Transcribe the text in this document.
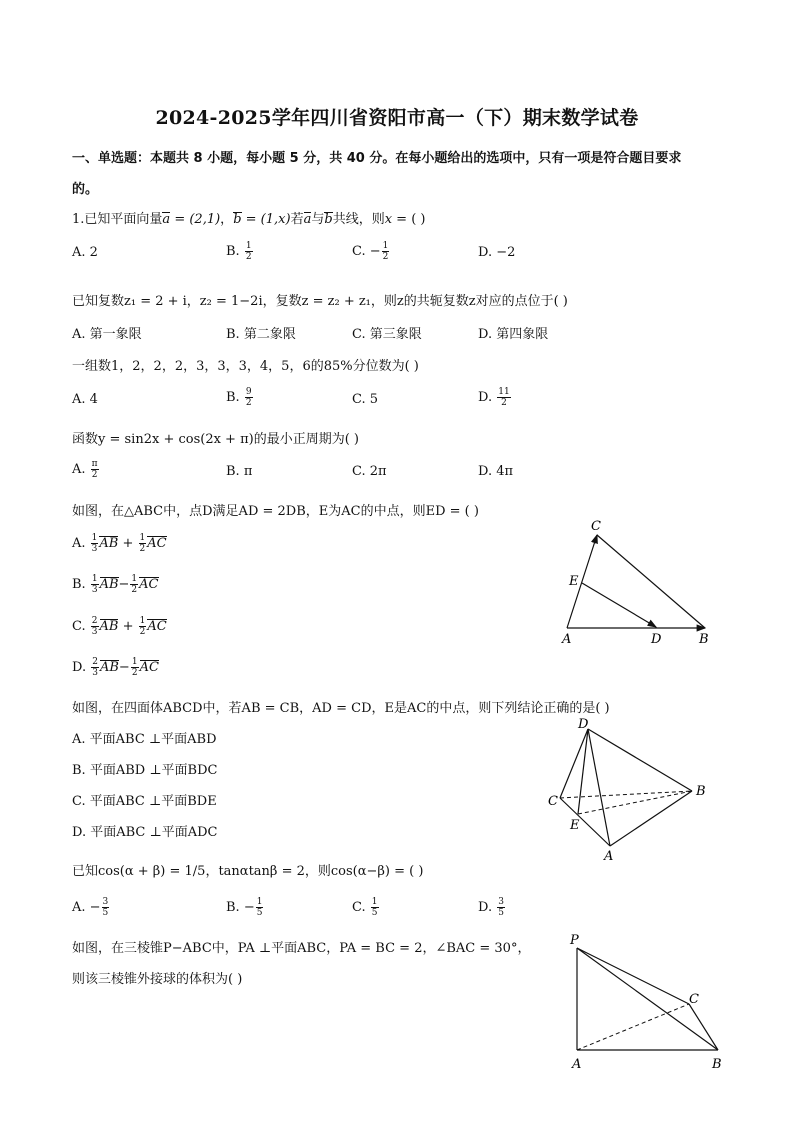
2024-2025学年四川省资阳市高一（下）期末数学试卷
一、单选题：本题共 8 小题，每小题 5 分，共 40 分。在每小题给出的选项中，只有一项是符合题目要求
的。
1.已知平面向量a = (2,1)，b = (1,x)若a与b共线，则x = ( )
A. 2	B. $\frac{1}{2}$	C. − $\frac{1}{2}$	D. −2
已知复数z₁ = 2 + i，z₂ = 1−2i，复数z = z₂ + z₁，则z的共轭复数z对应的点位于( )
A. 第一象限	B. 第二象限	C. 第三象限	D. 第四象限
一组数1，2，2，2，3，3，3，4，5，6的85%分位数为( )
A. 4	B. $\frac{9}{2}$	C. 5	D. $\frac{11}{2}$
函数y = sin2x + cos(2x + π)的最小正周期为( )
A. $\frac{\pi}{2}$	B. π	C. 2π	D. 4π
如图，在△ABC中，点D满足AD = 2DB，E为AC的中点，则ED = ( )
A. $\frac{1}{3}$ AB + $\frac{1}{2}$ AC
B. $\frac{1}{3} AB- \frac{1}{2}$ AC
C. $\frac{2}{3}$ AB + $\frac{1}{2}$ AC
D. $\frac{2}{3} AB- \frac{1}{2}$ AC
A	B
C
D
E
如图，在四面体ABCD中，若AB = CB，AD = CD，E是AC的中点，则下列结论正确的是( )
A. 平面ABC ⊥平面ABD
B. 平面ABD ⊥平面BDC
C. 平面ABC ⊥平面BDE
D. 平面ABC ⊥平面ADC
D
C
B
E
A
已知cos(α + β) = 1/5，tanαtanβ = 2，则cos(α−β) = ( )
A. − $\frac{3}{5}$	B. − $\frac{1}{5}$	C. $\frac{1}{5}$	D. $\frac{3}{5}$
如图，在三棱锥P−ABC中，PA ⊥平面ABC，PA = BC = 2，∠BAC = 30°，
则该三棱锥外接球的体积为( )
P
A	B
C
